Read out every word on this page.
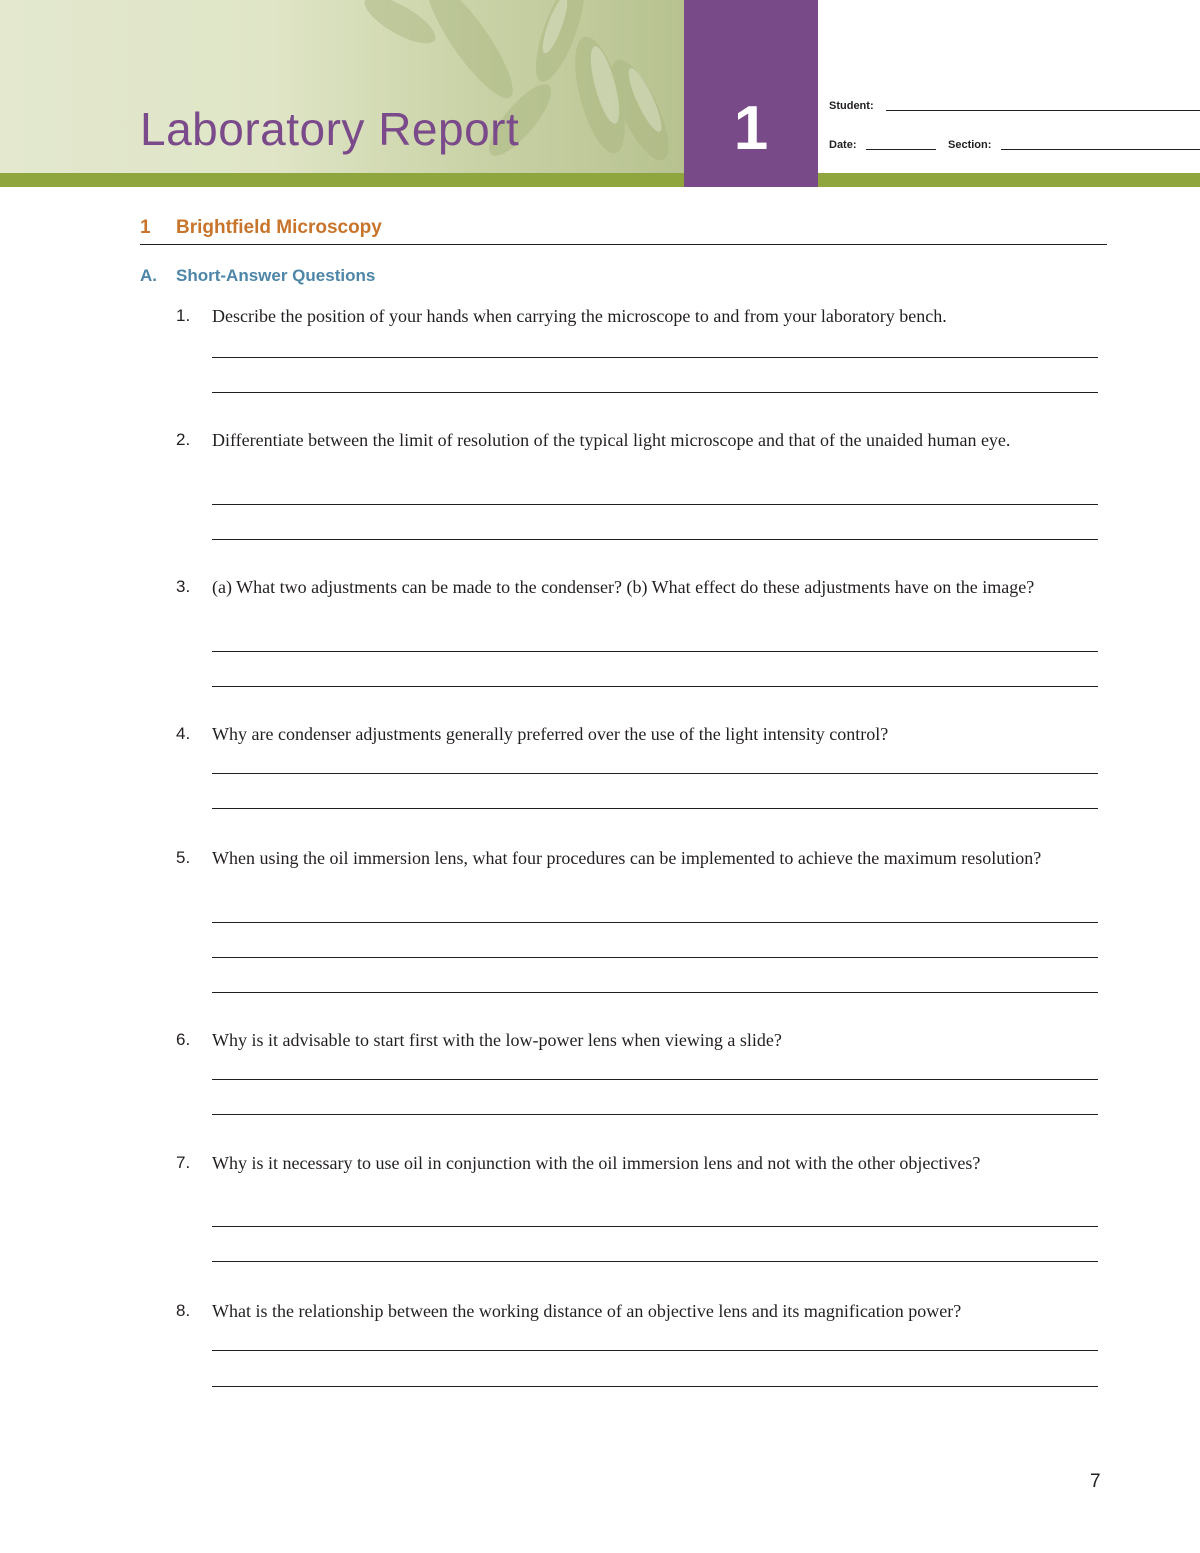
Laboratory Report	1	Student:
Date:	Section:
1 Brightfield Microscopy
A. Short-Answer Questions
1.	Describe the position of your hands when carrying the microscope to and from your laboratory bench.
2.	Differentiate between the limit of resolution of the typical light microscope and that of the unaided human eye.
3.	(a) What two adjustments can be made to the condenser? (b) What effect do these adjustments have on the image?
4.	Why are condenser adjustments generally preferred over the use of the light intensity control?
5.	When using the oil immersion lens, what four procedures can be implemented to achieve the maximum resolution?
6.	Why is it advisable to start first with the low-power lens when viewing a slide?
7.	Why is it necessary to use oil in conjunction with the oil immersion lens and not with the other objectives?
8.	What is the relationship between the working distance of an objective lens and its magnification power?
7
